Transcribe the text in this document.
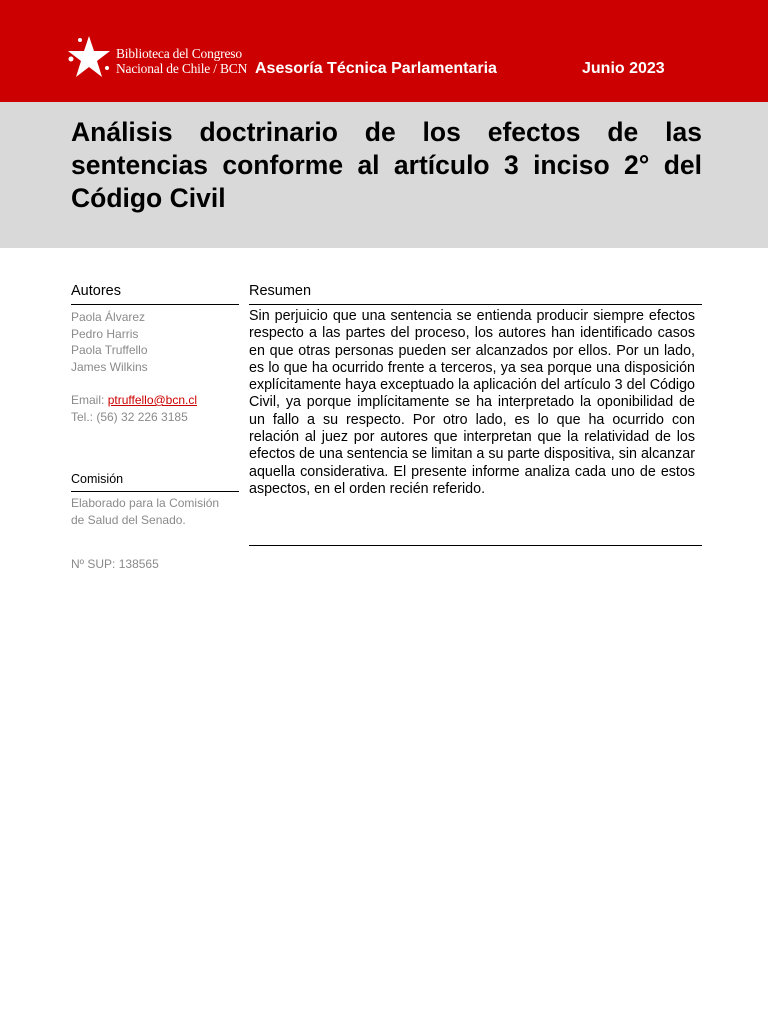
Biblioteca del Congreso
Nacional de Chile / BCN Asesoría Técnica Parlamentaria	Junio 2023
Análisis doctrinario de los efectos de las sentencias conforme al artículo 3 inciso 2° del Código Civil
Autores
Paola Álvarez
Pedro Harris
Paola Truffello
James Wilkins
Email: ptruffello@bcn.cl
Tel.: (56) 32 226 3185
Comisión
Elaborado para la Comisión
de Salud del Senado.
Nº SUP: 138565
Resumen

Sin perjuicio que una sentencia se entienda producir siempre efectos respecto a las partes del proceso, los autores han identificado casos en que otras personas pueden ser alcanzados por ellos. Por un lado, es lo que ha ocurrido frente a terceros, ya sea porque una disposición explícitamente haya exceptuado la aplicación del artículo 3 del Código Civil, ya porque implícitamente se ha interpretado la oponibilidad de un fallo a su respecto. Por otro lado, es lo que ha ocurrido con relación al juez por autores que interpretan que la relatividad de los efectos de una sentencia se limitan a su parte dispositiva, sin alcanzar aquella considerativa. El presente informe analiza cada uno de estos aspectos, en el orden recién referido.
